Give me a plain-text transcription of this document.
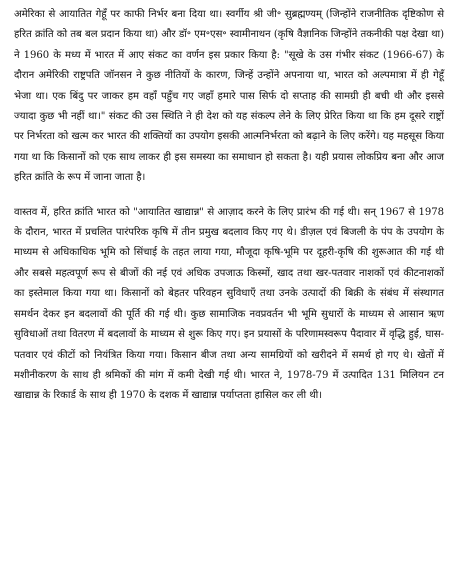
अमेरिका से आयातित गेहूँ पर काफी निर्भर बना दिया था। स्वर्गीय श्री जी॰ सुब्रह्मण्यम् (जिन्होंने राजनीतिक दृष्टिकोण से हरित क्रांति को तब बल प्रदान किया था) और डॉ॰ एम॰एस॰ स्वामीनाथन (कृषि वैज्ञानिक जिन्होंने तकनीकी पक्ष देखा था) ने 1960 के मध्य में भारत में आए संकट का वर्णन इस प्रकार किया है: "सूखे के उस गंभीर संकट (1966-67) के दौरान अमेरिकी राष्ट्रपति जॉनसन ने कुछ नीतियों के कारण, जिन्हें उन्होंने अपनाया था, भारत को अल्पमात्रा में ही गेहूँ भेजा था। एक बिंदु पर जाकर हम वहाँ पहुँच गए जहाँ हमारे पास सिर्फ दो सप्ताह की सामग्री ही बची थी और इससे ज्यादा कुछ भी नहीं था।" संकट की उस स्थिति ने ही देश को यह संकल्प लेने के लिए प्रेरित किया था कि हम दूसरे राष्ट्रों पर निर्भरता को खत्म कर भारत की शक्तियों का उपयोग इसकी आत्मनिर्भरता को बढ़ाने के लिए करेंगे। यह महसूस किया गया था कि किसानों को एक साथ लाकर ही इस समस्या का समाधान हो सकता है। यही प्रयास लोकप्रिय बना और आज हरित क्रांति के रूप में जाना जाता है।

वास्तव में, हरित क्रांति भारत को "आयातित खाद्यान्न" से आज़ाद करने के लिए प्रारंभ की गई थी। सन् 1967 से 1978 के दौरान, भारत में प्रचलित पारंपरिक कृषि में तीन प्रमुख बदलाव किए गए थे। डीज़ल एवं बिजली के पंप के उपयोग के माध्यम से अधिकाधिक भूमि को सिंचाई के तहत लाया गया, मौजूदा कृषि-भूमि पर दूहरी-कृषि की शुरूआत की गई थी और सबसे महत्वपूर्ण रूप से बीजों की नई एवं अधिक उपजाऊ किस्मों, खाद तथा खर-पतवार नाशकों एवं कीटनाशकों का इस्तेमाल किया गया था। किसानों को बेहतर परिवहन सुविधाएँ तथा उनके उत्पादों की बिक्री के संबंध में संस्थागत समर्थन देकर इन बदलावों की पूर्ति की गई थी। कुछ सामाजिक नवप्रवर्तन भी भूमि सुधारों के माध्यम से आसान ऋण सुविधाओं तथा वितरण में बदलावों के माध्यम से शुरू किए गए। इन प्रयासों के परिणामस्वरूप पैदावार में वृद्धि हुई, घास-पतवार एवं कीटों को नियंत्रित किया गया। किसान बीज तथा अन्य सामग्रियों को खरीदने में समर्थ हो गए थे। खेतों में मशीनीकरण के साथ ही श्रमिकों की मांग में कमी देखी गई थी। भारत ने, 1978-79 में उत्पादित 131 मिलियन टन खाद्यान्न के रिकार्ड के साथ ही 1970 के दशक में खाद्यान्न पर्याप्तता हासिल कर ली थी।
